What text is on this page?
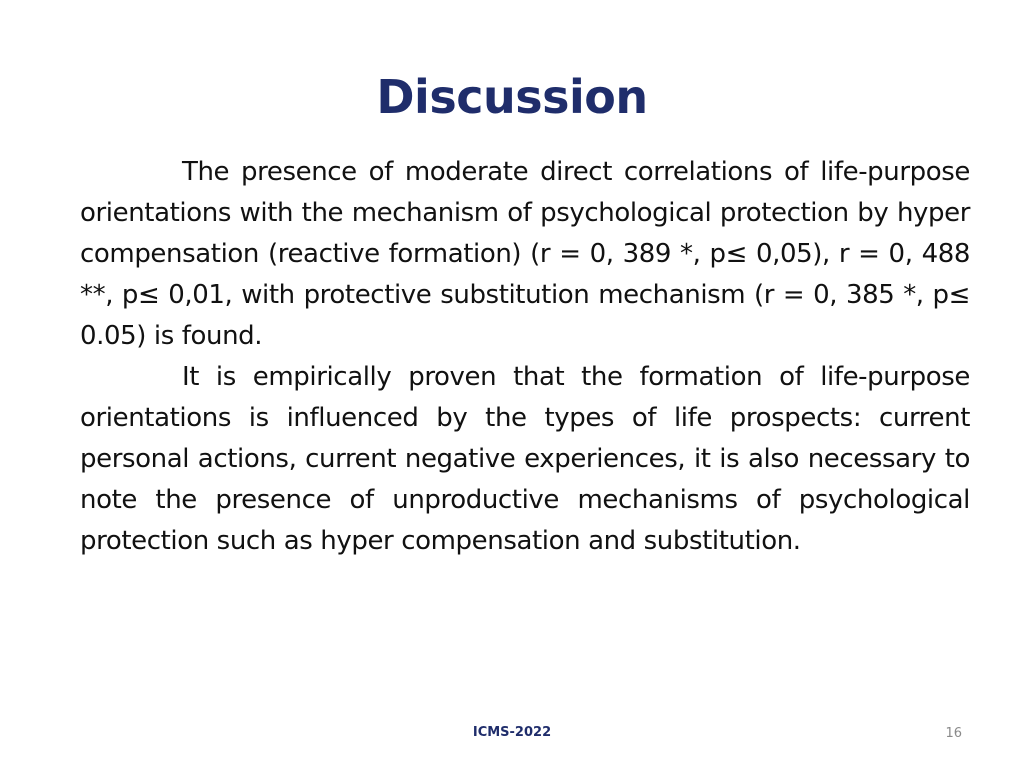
Discussion

The presence of moderate direct correlations of life-purpose orientations with the mechanism of psychological protection by hyper compensation (reactive formation) (r = 0, 389 *, p≤ 0,05), r = 0, 488 **, p≤ 0,01, with protective substitution mechanism (r = 0, 385 *, p≤ 0.05) is found.

It is empirically proven that the formation of life-purpose orientations is influenced by the types of life prospects: current personal actions, current negative experiences, it is also necessary to note the presence of unproductive mechanisms of psychological protection such as hyper compensation and substitution.

ICMS-2022	16
